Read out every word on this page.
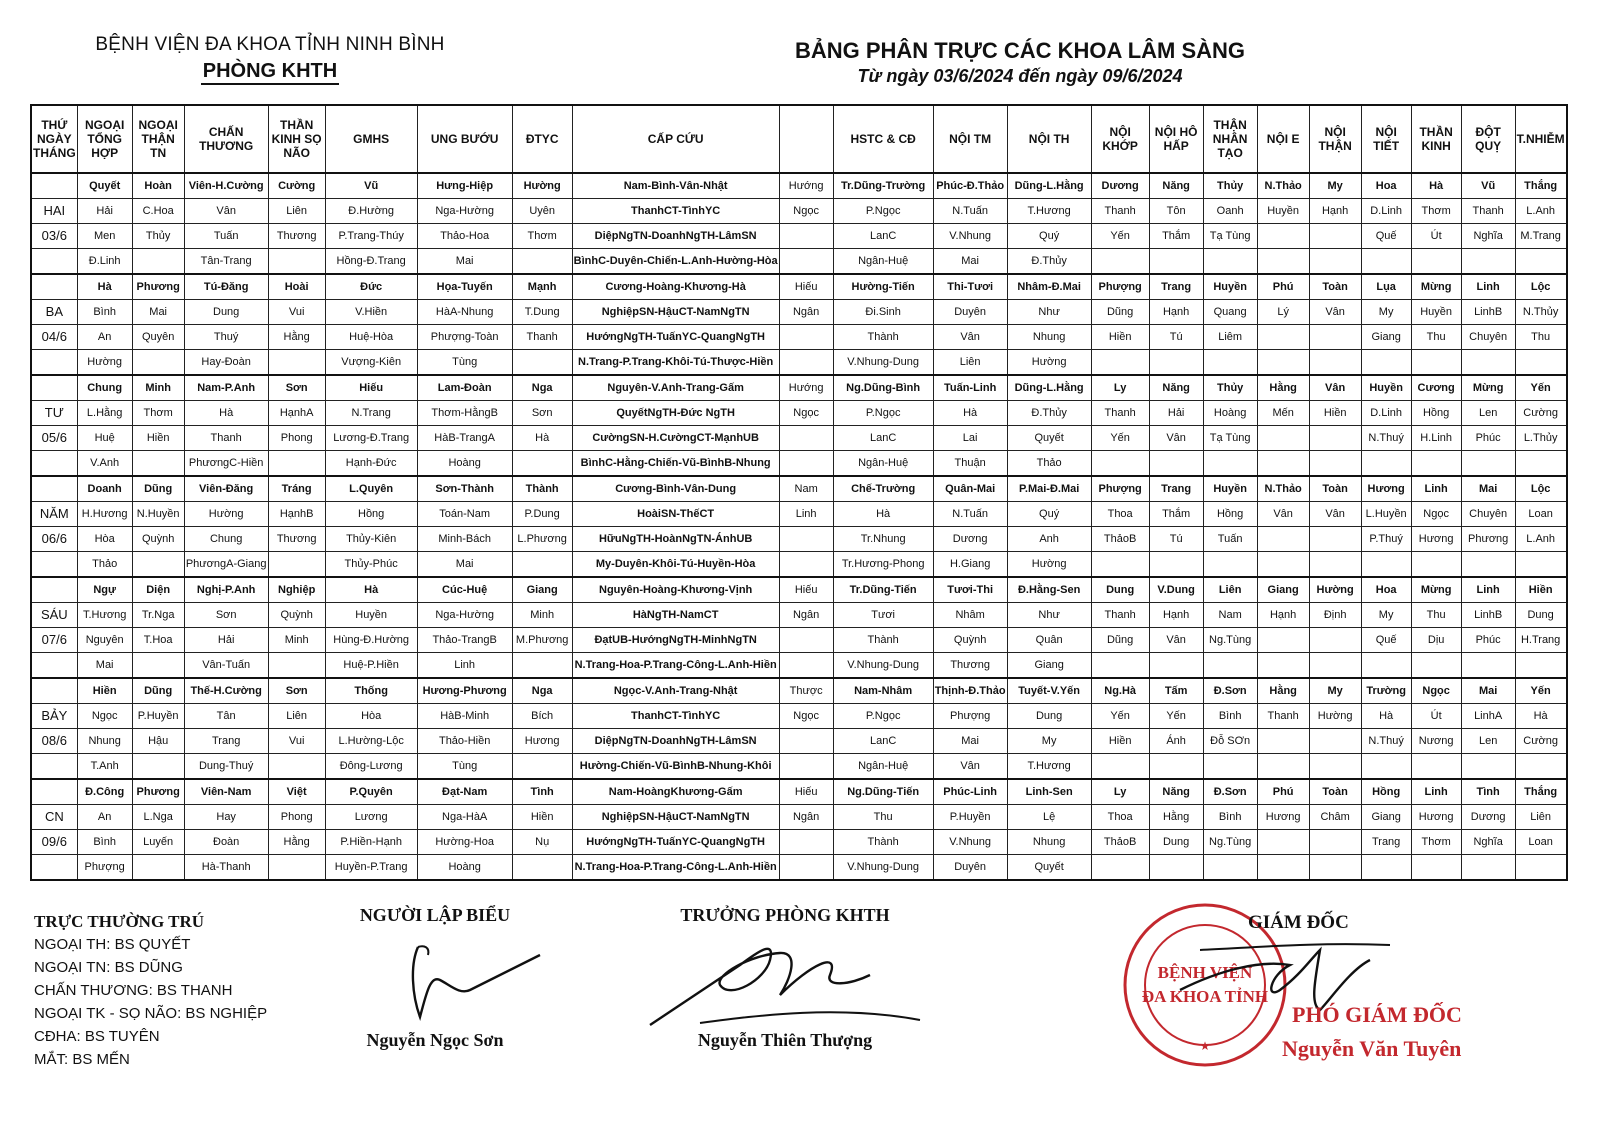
BỆNH VIỆN ĐA KHOA TỈNH NINH BÌNH
PHÒNG KHTH
BẢNG PHÂN TRỰC CÁC KHOA LÂM SÀNG
Từ ngày 03/6/2024 đến ngày 09/6/2024
THỨ NGÀY THÁNG	NGOẠI TỔNG HỢP	NGOẠI THẬN TN	CHẤN THƯƠNG	THẦN KINH SỌ NÃO	GMHS	UNG BƯỚU	ĐTYC	CẤP CỨU		HSTC & CĐ	NỘI TM	NỘI TH	NỘI KHỚP	NỘI HÔ HẤP	THẬN NHÂN TẠO	NỘI E	NỘI THẬN	NỘI TIẾT	THẦN KINH	ĐỘT QUỴ	T.NHIỄM
	Quyết	Hoàn	Viên-H.Cường	Cường	Vũ	Hưng-Hiệp	Hường	Nam-Bình-Vân-Nhật	Hướng	Tr.Dũng-Trường	Phúc-Đ.Thảo	Dũng-L.Hằng	Dương	Năng	Thủy	N.Thảo	My	Hoa	Hà	Vũ	Thắng
HAI	Hải	C.Hoa	Vân	Liên	Đ.Hường	Nga-Hường	Uyên	ThanhCT-TìnhYC	Ngọc	P.Ngọc	N.Tuấn	T.Hương	Thanh	Tôn	Oanh	Huyền	Hạnh	D.Linh	Thơm	Thanh	L.Anh
03/6	Men	Thủy	Tuấn	Thương	P.Trang-Thúy	Thảo-Hoa	Thơm	DiệpNgTN-DoanhNgTH-LâmSN		LanC	V.Nhung	Quý	Yến	Thắm	Tạ Tùng			Quế	Út	Nghĩa	M.Trang
	Đ.Linh		Tân-Trang		Hồng-Đ.Trang	Mai		BìnhC-Duyên-Chiến-L.Anh-Hường-Hòa		Ngân-Huệ	Mai	Đ.Thủy									
	Hà	Phương	Tú-Đăng	Hoài	Đức	Họa-Tuyến	Mạnh	Cương-Hoàng-Khương-Hà	Hiếu	Hường-Tiến	Thi-Tươi	Nhâm-Đ.Mai	Phượng	Trang	Huyền	Phú	Toàn	Lụa	Mừng	Linh	Lộc
BA	Bình	Mai	Dung	Vui	V.Hiền	HàA-Nhung	T.Dung	NghiệpSN-HậuCT-NamNgTN	Ngân	Đi.Sinh	Duyên	Như	Dũng	Hạnh	Quang	Lý	Vân	My	Huyền	LinhB	N.Thủy
04/6	An	Quyên	Thuý	Hằng	Huệ-Hòa	Phượng-Toàn	Thanh	HướngNgTH-TuấnYC-QuangNgTH		Thành	Vân	Nhung	Hiền	Tú	Liêm			Giang	Thu	Chuyên	Thu
	Hường		Hay-Đoàn		Vượng-Kiên	Tùng		N.Trang-P.Trang-Khôi-Tú-Thược-Hiền		V.Nhung-Dung	Liên	Hường									
	Chung	Minh	Nam-P.Anh	Sơn	Hiếu	Lam-Đoàn	Nga	Nguyên-V.Anh-Trang-Gấm	Hướng	Ng.Dũng-Bình	Tuấn-Linh	Dũng-L.Hằng	Ly	Năng	Thủy	Hằng	Vân	Huyền	Cương	Mừng	Yến
TƯ	L.Hằng	Thơm	Hà	HạnhA	N.Trang	Thơm-HằngB	Sơn	QuyếtNgTH-Đức NgTH	Ngọc	P.Ngọc	Hà	Đ.Thủy	Thanh	Hải	Hoàng	Mến	Hiền	D.Linh	Hồng	Len	Cường
05/6	Huệ	Hiền	Thanh	Phong	Lương-Đ.Trang	HàB-TrangA	Hà	CườngSN-H.CườngCT-MạnhUB		LanC	Lai	Quyết	Yến	Vân	Tạ Tùng			N.Thuý	H.Linh	Phúc	L.Thủy
	V.Anh		PhươngC-Hiền		Hạnh-Đức	Hoàng		BìnhC-Hằng-Chiến-Vũ-BìnhB-Nhung		Ngân-Huệ	Thuận	Thảo									
	Doanh	Dũng	Viên-Đăng	Tráng	L.Quyên	Sơn-Thành	Thành	Cương-Bình-Vân-Dung	Nam	Chế-Trường	Quân-Mai	P.Mai-Đ.Mai	Phượng	Trang	Huyền	N.Thảo	Toàn	Hương	Linh	Mai	Lộc
NĂM	H.Hương	N.Huyền	Hường	HạnhB	Hồng	Toán-Nam	P.Dung	HoàiSN-ThếCT	Linh	Hà	N.Tuấn	Quý	Thoa	Thắm	Hồng	Vân	Vân	L.Huyền	Ngọc	Chuyên	Loan
06/6	Hòa	Quỳnh	Chung	Thương	Thủy-Kiên	Minh-Bách	L.Phương	HữuNgTH-HoànNgTN-ÁnhUB		Tr.Nhung	Dương	Anh	ThảoB	Tú	Tuấn			P.Thuý	Hương	Phương	L.Anh
	Thảo		PhươngA-Giang		Thủy-Phúc	Mai		My-Duyên-Khôi-Tú-Huyền-Hòa		Tr.Hương-Phong	H.Giang	Hường									
	Ngự	Diện	Nghị-P.Anh	Nghiệp	Hà	Cúc-Huệ	Giang	Nguyên-Hoàng-Khương-Vịnh	Hiếu	Tr.Dũng-Tiến	Tươi-Thi	Đ.Hằng-Sen	Dung	V.Dung	Liên	Giang	Hường	Hoa	Mừng	Linh	Hiền
SÁU	T.Hương	Tr.Nga	Sơn	Quỳnh	Huyền	Nga-Hường	Minh	HàNgTH-NamCT	Ngân	Tươi	Nhâm	Như	Thanh	Hạnh	Nam	Hạnh	Định	My	Thu	LinhB	Dung
07/6	Nguyên	T.Hoa	Hải	Minh	Hùng-Đ.Hường	Thảo-TrangB	M.Phương	ĐạtUB-HướngNgTH-MinhNgTN		Thành	Quỳnh	Quân	Dũng	Vân	Ng.Tùng			Quế	Dịu	Phúc	H.Trang
	Mai		Vân-Tuấn		Huệ-P.Hiền	Linh		N.Trang-Hoa-P.Trang-Công-L.Anh-Hiền		V.Nhung-Dung	Thương	Giang									
	Hiền	Dũng	Thế-H.Cường	Sơn	Thống	Hương-Phương	Nga	Ngọc-V.Anh-Trang-Nhật	Thược	Nam-Nhâm	Thịnh-Đ.Thảo	Tuyết-V.Yến	Ng.Hà	Tấm	Đ.Sơn	Hằng	My	Trường	Ngọc	Mai	Yến
BẢY	Ngọc	P.Huyền	Tân	Liên	Hòa	HàB-Minh	Bích	ThanhCT-TìnhYC	Ngọc	P.Ngọc	Phượng	Dung	Yến	Yến	Bình	Thanh	Hường	Hà	Út	LinhA	Hà
08/6	Nhung	Hậu	Trang	Vui	L.Hường-Lộc	Thảo-Hiền	Hương	DiệpNgTN-DoanhNgTH-LâmSN		LanC	Mai	My	Hiền	Ánh	Đỗ SƠn			N.Thuý	Nương	Len	Cường
	T.Anh		Dung-Thuý		Đông-Lương	Tùng		Hường-Chiến-Vũ-BìnhB-Nhung-Khôi		Ngân-Huệ	Vân	T.Hương									
	Đ.Công	Phương	Viên-Nam	Việt	P.Quyên	Đạt-Nam	Tình	Nam-HoàngKhương-Gấm	Hiếu	Ng.Dũng-Tiến	Phúc-Linh	Linh-Sen	Ly	Năng	Đ.Sơn	Phú	Toàn	Hồng	Linh	Tình	Thắng
CN	An	L.Nga	Hay	Phong	Lương	Nga-HàA	Hiền	NghiệpSN-HậuCT-NamNgTN	Ngân	Thu	P.Huyền	Lệ	Thoa	Hằng	Bình	Hương	Châm	Giang	Hương	Dương	Liên
09/6	Bình	Luyến	Đoàn	Hằng	P.Hiền-Hạnh	Hường-Hoa	Nụ	HướngNgTH-TuấnYC-QuangNgTH		Thành	V.Nhung	Nhung	ThảoB	Dung	Ng.Tùng			Trang	Thơm	Nghĩa	Loan
	Phượng		Hà-Thanh		Huyền-P.Trang	Hoàng		N.Trang-Hoa-P.Trang-Công-L.Anh-Hiền		V.Nhung-Dung	Duyên	Quyết									
TRỰC THƯỜNG TRÚ
NGOẠI TH: BS QUYẾT
NGOẠI TN: BS DŨNG
CHẤN THƯƠNG: BS THANH
NGOẠI TK - SỌ NÃO: BS NGHIỆP
CĐHA: BS TUYÊN
MẮT: BS MẾN
NGƯỜI LẬP BIỂU
Nguyễn Ngọc Sơn
TRƯỞNG PHÒNG KHTH
Nguyễn Thiên Thượng
BỆNH VIỆN
ĐA KHOA TỈNH
★
GIÁM ĐỐC
PHÓ GIÁM ĐỐC
Nguyễn Văn Tuyên
